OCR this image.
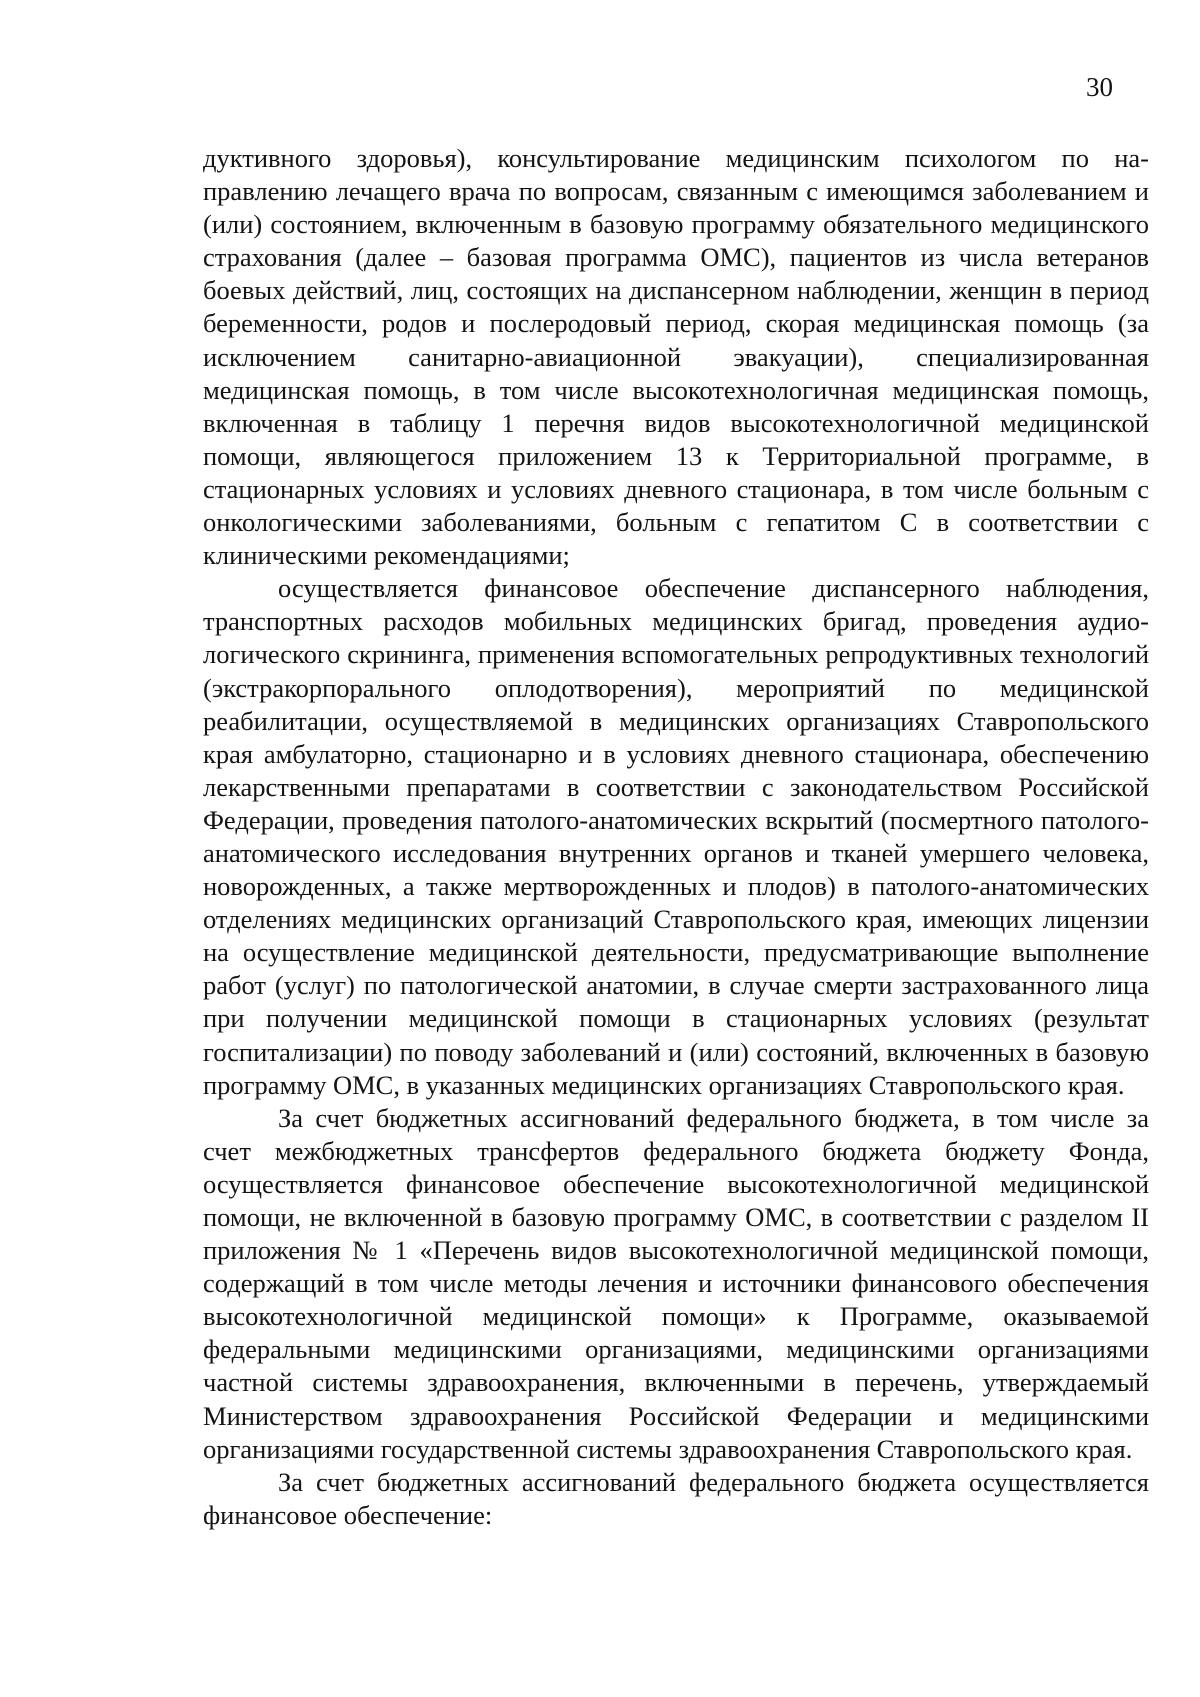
30

дуктивного здоровья), консультирование медицинским психологом по направлению лечащего врача по вопросам, связанным с имеющимся заболеванием и (или) состоянием, включенным в базовую программу обязательного медицинского страхования (далее – базовая программа ОМС), пациентов из числа ветеранов боевых действий, лиц, состоящих на диспансерном наблюдении, женщин в период беременности, родов и послеродовый период, скорая медицинская помощь (за исключением санитарно-авиационной эвакуации), специализированная медицинская помощь, в том числе высокотехнологичная медицинская помощь, включенная в таблицу 1 перечня видов высокотехнологичной медицинской помощи, являющегося приложением 13 к Территориальной программе, в стационарных условиях и условиях дневного стационара, в том числе больным с онкологическими заболеваниями, больным с гепатитом С в соответствии с клиническими рекомендациями;

осуществляется финансовое обеспечение диспансерного наблюдения, транспортных расходов мобильных медицинских бригад, проведения аудиологического скрининга, применения вспомогательных репродуктивных технологий (экстракорпорального оплодотворения), мероприятий по медицинской реабилитации, осуществляемой в медицинских организациях Ставропольского края амбулаторно, стационарно и в условиях дневного стационара, обеспечению лекарственными препаратами в соответствии с законодательством Российской Федерации, проведения патолого-анатомических вскрытий (посмертного патолого-анатомического исследования внутренних органов и тканей умершего человека, новорожденных, а также мертворожденных и плодов) в патолого-анатомических отделениях медицинских организаций Ставропольского края, имеющих лицензии на осуществление медицинской деятельности, предусматривающие выполнение работ (услуг) по патологической анатомии, в случае смерти застрахованного лица при получении медицинской помощи в стационарных условиях (результат госпитализации) по поводу заболеваний и (или) состояний, включенных в базовую программу ОМС, в указанных медицинских организациях Ставропольского края.

За счет бюджетных ассигнований федерального бюджета, в том числе за счет межбюджетных трансфертов федерального бюджета бюджету Фонда, осуществляется финансовое обеспечение высокотехнологичной медицинской помощи, не включенной в базовую программу ОМС, в соответствии с разделом II приложения № 1 «Перечень видов высокотехнологичной медицинской помощи, содержащий в том числе методы лечения и источники финансового обеспечения высокотехнологичной медицинской помощи» к Программе, оказываемой федеральными медицинскими организациями, медицинскими организациями частной системы здравоохранения, включенными в перечень, утверждаемый Министерством здравоохранения Российской Федерации и медицинскими организациями государственной системы здравоохранения Ставропольского края.

За счет бюджетных ассигнований федерального бюджета осуществляется финансовое обеспечение:
